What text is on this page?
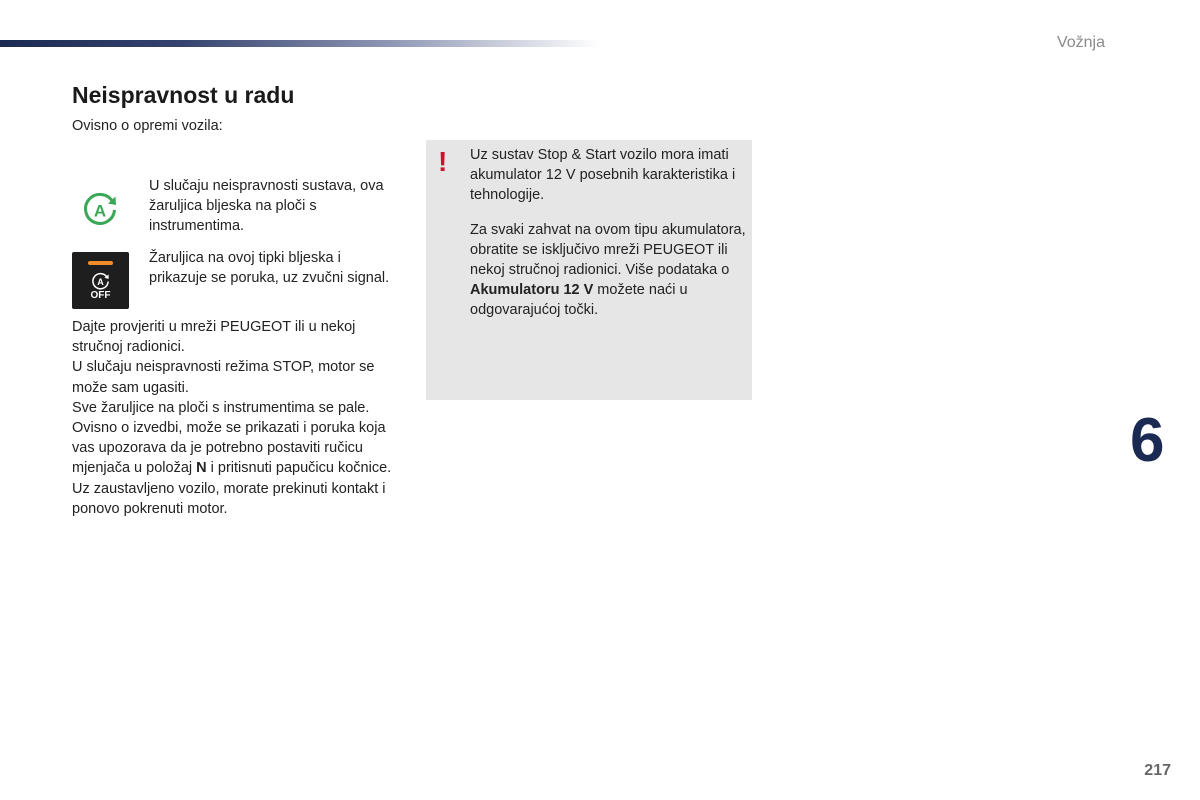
Vožnja
Neispravnost u radu
Ovisno o opremi vozila:
A
U slučaju neispravnosti sustava, ova žaruljica bljeska na ploči s instrumentima.
A
OFF
Žaruljica na ovoj tipki bljeska i prikazuje se poruka, uz zvučni signal.

Dajte provjeriti u mreži PEUGEOT ili u nekoj stručnoj radionici.

U slučaju neispravnosti režima STOP, motor se može sam ugasiti.

Sve žaruljice na ploči s instrumentima se pale.

Ovisno o izvedbi, može se prikazati i poruka koja vas upozorava da je potrebno postaviti ručicu mjenjača u položaj N i pritisnuti papučicu kočnice.

Uz zaustavljeno vozilo, morate prekinuti kontakt i ponovo pokrenuti motor.

! Uz sustav Stop & Start vozilo mora imati akumulator 12 V posebnih karakteristika i tehnologije.

Za svaki zahvat na ovom tipu akumulatora, obratite se isključivo mreži PEUGEOT ili nekoj stručnoj radionici. Više podataka o Akumulatoru 12 V možete naći u odgovarajućoj točki.

6
217
